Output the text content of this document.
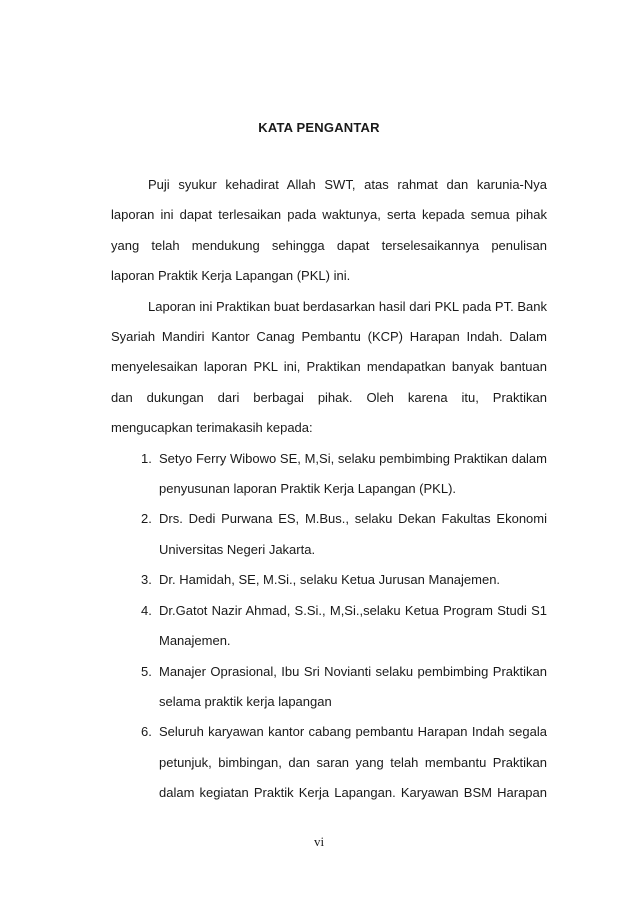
KATA PENGANTAR

Puji syukur kehadirat Allah SWT, atas rahmat dan karunia-Nya
laporan ini dapat terlesaikan pada waktunya, serta kepada semua pihak
yang telah mendukung sehingga dapat terselesaikannya penulisan
laporan Praktik Kerja Lapangan (PKL) ini.

Laporan ini Praktikan buat berdasarkan hasil dari PKL pada PT. Bank
Syariah Mandiri Kantor Canag Pembantu (KCP) Harapan Indah. Dalam
menyelesaikan laporan PKL ini, Praktikan mendapatkan banyak bantuan
dan dukungan dari berbagai pihak. Oleh karena itu, Praktikan
mengucapkan terimakasih kepada:

1. Setyo Ferry Wibowo SE, M,Si, selaku pembimbing Praktikan dalam
penyusunan laporan Praktik Kerja Lapangan (PKL).
2. Drs. Dedi Purwana ES, M.Bus., selaku Dekan Fakultas Ekonomi
Universitas Negeri Jakarta.
3. Dr. Hamidah, SE, M.Si., selaku Ketua Jurusan Manajemen.
4. Dr.Gatot Nazir Ahmad, S.Si., M,Si.,selaku Ketua Program Studi S1
Manajemen.
5. Manajer Oprasional, Ibu Sri Novianti selaku pembimbing Praktikan
selama praktik kerja lapangan
6. Seluruh karyawan kantor cabang pembantu Harapan Indah segala
petunjuk, bimbingan, dan saran yang telah membantu Praktikan
dalam kegiatan Praktik Kerja Lapangan. Karyawan BSM Harapan
vi
